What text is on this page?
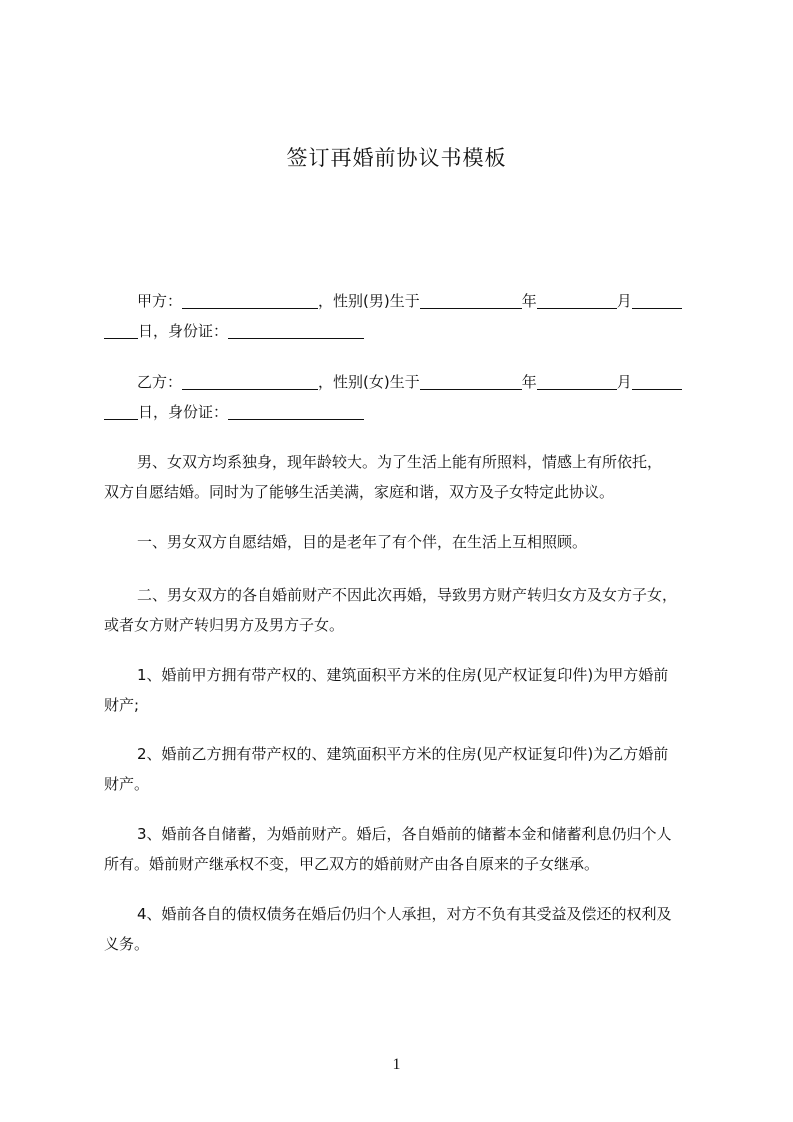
签订再婚前协议书模板
甲方：	，性别(男)生于	年	月
日，身份证：
乙方：	，性别(女)生于	年	月
日，身份证：
男、女双方均系独身，现年龄较大。为了生活上能有所照料，情感上有所依托，
双方自愿结婚。同时为了能够生活美满，家庭和谐，双方及子女特定此协议。
一、男女双方自愿结婚，目的是老年了有个伴，在生活上互相照顾。
二、男女双方的各自婚前财产不因此次再婚，导致男方财产转归女方及女方子女，
或者女方财产转归男方及男方子女。
1、婚前甲方拥有带产权的、建筑面积平方米的住房(见产权证复印件)为甲方婚前
财产;
2、婚前乙方拥有带产权的、建筑面积平方米的住房(见产权证复印件)为乙方婚前
财产。
3、婚前各自储蓄，为婚前财产。婚后，各自婚前的储蓄本金和储蓄利息仍归个人
所有。婚前财产继承权不变，甲乙双方的婚前财产由各自原来的子女继承。
4、婚前各自的债权债务在婚后仍归个人承担，对方不负有其受益及偿还的权利及
义务。
1
